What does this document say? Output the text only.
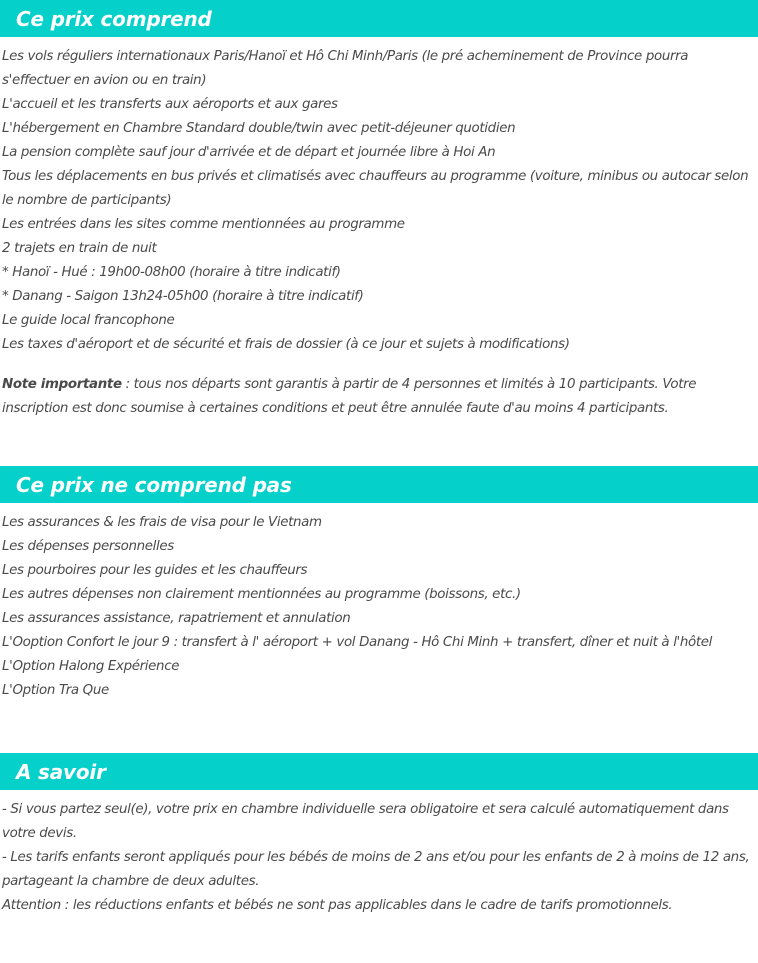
Ce prix comprend
Les vols réguliers internationaux Paris/Hanoï et Hô Chi Minh/Paris (le pré acheminement de Province pourra s'effectuer en avion ou en train)
L'accueil et les transferts aux aéroports et aux gares
L'hébergement en Chambre Standard double/twin avec petit-déjeuner quotidien
La pension complète sauf jour d'arrivée et de départ et journée libre à Hoi An
Tous les déplacements en bus privés et climatisés avec chauffeurs au programme (voiture, minibus ou autocar selon le nombre de participants)
Les entrées dans les sites comme mentionnées au programme
2 trajets en train de nuit
* Hanoï - Hué : 19h00-08h00 (horaire à titre indicatif)
* Danang - Saigon 13h24-05h00 (horaire à titre indicatif)
Le guide local francophone
Les taxes d'aéroport et de sécurité et frais de dossier (à ce jour et sujets à modifications)
Note importante : tous nos départs sont garantis à partir de 4 personnes et limités à 10 participants. Votre inscription est donc soumise à certaines conditions et peut être annulée faute d'au moins 4 participants.
Ce prix ne comprend pas
Les assurances & les frais de visa pour le Vietnam
Les dépenses personnelles
Les pourboires pour les guides et les chauffeurs
Les autres dépenses non clairement mentionnées au programme (boissons, etc.)
Les assurances assistance, rapatriement et annulation
L'Ooption Confort le jour 9 : transfert à l' aéroport + vol Danang - Hô Chi Minh + transfert, dîner et nuit à l'hôtel
L'Option Halong Expérience
L'Option Tra Que
A savoir
- Si vous partez seul(e), votre prix en chambre individuelle sera obligatoire et sera calculé automatiquement dans votre devis.
- Les tarifs enfants seront appliqués pour les bébés de moins de 2 ans et/ou pour les enfants de 2 à moins de 12 ans, partageant la chambre de deux adultes.
Attention : les réductions enfants et bébés ne sont pas applicables dans le cadre de tarifs promotionnels.
